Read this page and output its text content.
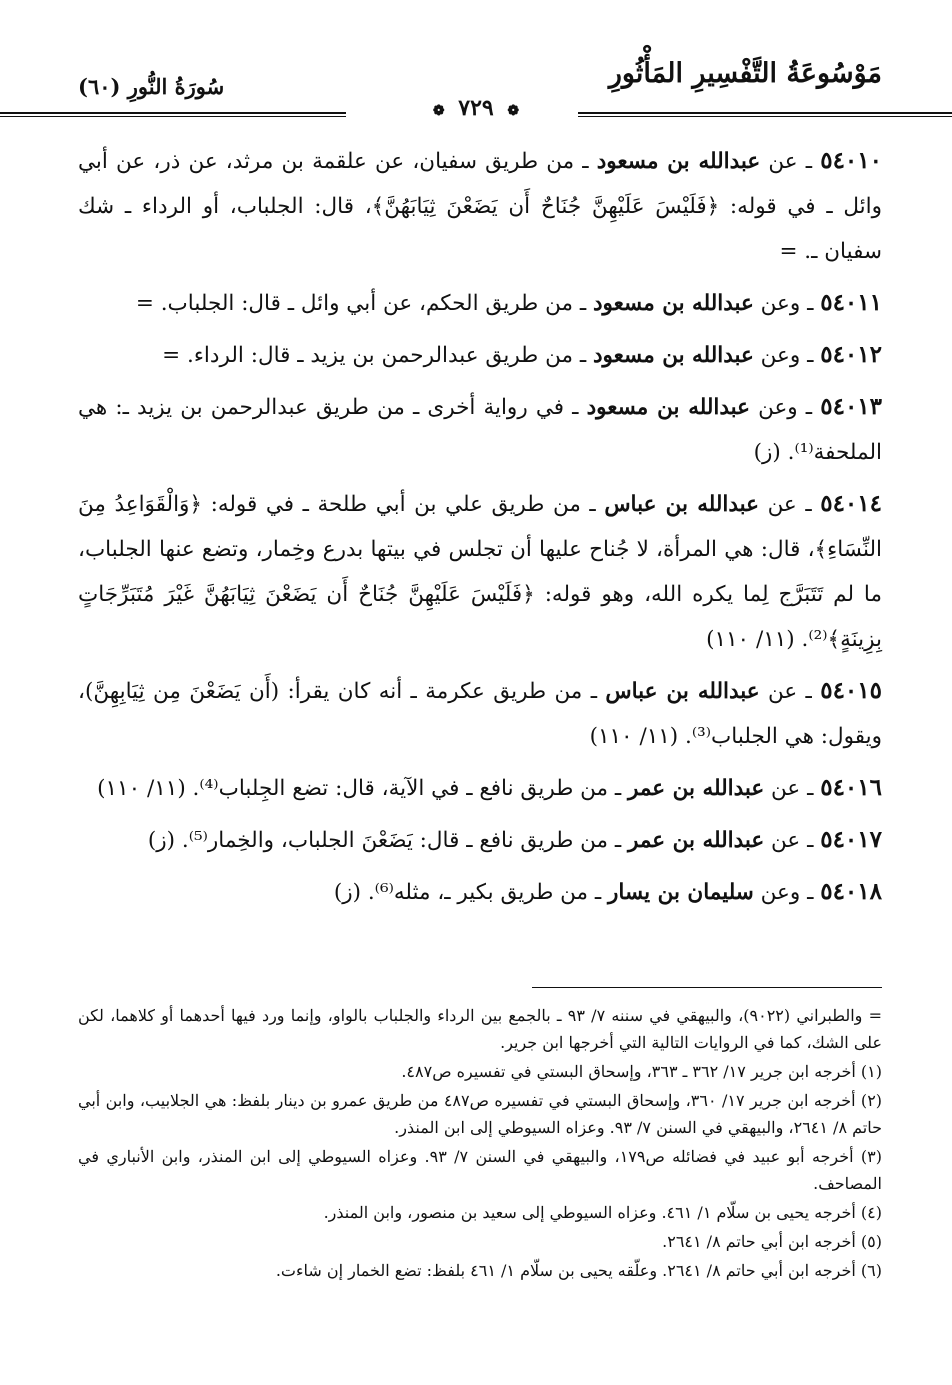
مَوْسُوعَةُ التَّفْسِيرِ المَأْثُورِ
سُورَةُ النُّورِ (٦٠)
❁ ٧٢٩ ❁

٥٤٠١٠ ـ عن عبدالله بن مسعود ـ من طريق سفيان، عن علقمة بن مرثد، عن ذر، عن أبي وائل ـ في قوله: ﴿فَلَيْسَ عَلَيْهِنَّ جُنَاحٌ أَن يَضَعْنَ ثِيَابَهُنَّ﴾، قال: الجلباب، أو الرداء ـ شك سفيان ـ. =

٥٤٠١١ ـ وعن عبدالله بن مسعود ـ من طريق الحكم، عن أبي وائل ـ قال: الجلباب. =

٥٤٠١٢ ـ وعن عبدالله بن مسعود ـ من طريق عبدالرحمن بن يزيد ـ قال: الرداء. =

٥٤٠١٣ ـ وعن عبدالله بن مسعود ـ في رواية أخرى ـ من طريق عبدالرحمن بن يزيد ـ: هي الملحفة⁽¹⁾. (ز)

٥٤٠١٤ ـ عن عبدالله بن عباس ـ من طريق علي بن أبي طلحة ـ في قوله: ﴿وَالْقَوَاعِدُ مِنَ النِّسَاءِ﴾، قال: هي المرأة، لا جُناح عليها أن تجلس في بيتها بدرع وخِمار، وتضع عنها الجلباب، ما لم تَتَبَرَّج لِما يكره الله، وهو قوله: ﴿فَلَيْسَ عَلَيْهِنَّ جُنَاحٌ أَن يَضَعْنَ ثِيَابَهُنَّ غَيْرَ مُتَبَرِّجَاتٍ بِزِينَةٍ﴾⁽²⁾. (١١/ ١١٠)

٥٤٠١٥ ـ عن عبدالله بن عباس ـ من طريق عكرمة ـ أنه كان يقرأ: (أَن يَضَعْنَ مِن ثِيَابِهِنَّ)، ويقول: هي الجلباب⁽³⁾. (١١/ ١١٠)

٥٤٠١٦ ـ عن عبدالله بن عمر ـ من طريق نافع ـ في الآية، قال: تضع الجِلباب⁽⁴⁾. (١١/ ١١٠)

٥٤٠١٧ ـ عن عبدالله بن عمر ـ من طريق نافع ـ قال: يَضَعْنَ الجلباب، والخِمار⁽⁵⁾. (ز)

٥٤٠١٨ ـ وعن سليمان بن يسار ـ من طريق بكير ـ، مثله⁽⁶⁾. (ز)

= والطبراني (٩٠٢٢)، والبيهقي في سننه ٧/ ٩٣ ـ بالجمع بين الرداء والجلباب بالواو، وإنما ورد فيها أحدهما أو كلاهما، لكن على الشك، كما في الروايات التالية التي أخرجها ابن جرير.

(١) أخرجه ابن جرير ١٧/ ٣٦٢ ـ ٣٦٣، وإسحاق البستي في تفسيره ص٤٨٧.

(٢) أخرجه ابن جرير ١٧/ ٣٦٠، وإسحاق البستي في تفسيره ص٤٨٧ من طريق عمرو بن دينار بلفظ: هي الجلابيب، وابن أبي حاتم ٨/ ٢٦٤١، والبيهقي في السنن ٧/ ٩٣. وعزاه السيوطي إلى ابن المنذر.

(٣) أخرجه أبو عبيد في فضائله ص١٧٩، والبيهقي في السنن ٧/ ٩٣. وعزاه السيوطي إلى ابن المنذر، وابن الأنباري في المصاحف.

(٤) أخرجه يحيى بن سلّام ١/ ٤٦١. وعزاه السيوطي إلى سعيد بن منصور، وابن المنذر.

(٥) أخرجه ابن أبي حاتم ٨/ ٢٦٤١.

(٦) أخرجه ابن أبي حاتم ٨/ ٢٦٤١. وعلّقه يحيى بن سلّام ١/ ٤٦١ بلفظ: تضع الخمار إن شاءت.
